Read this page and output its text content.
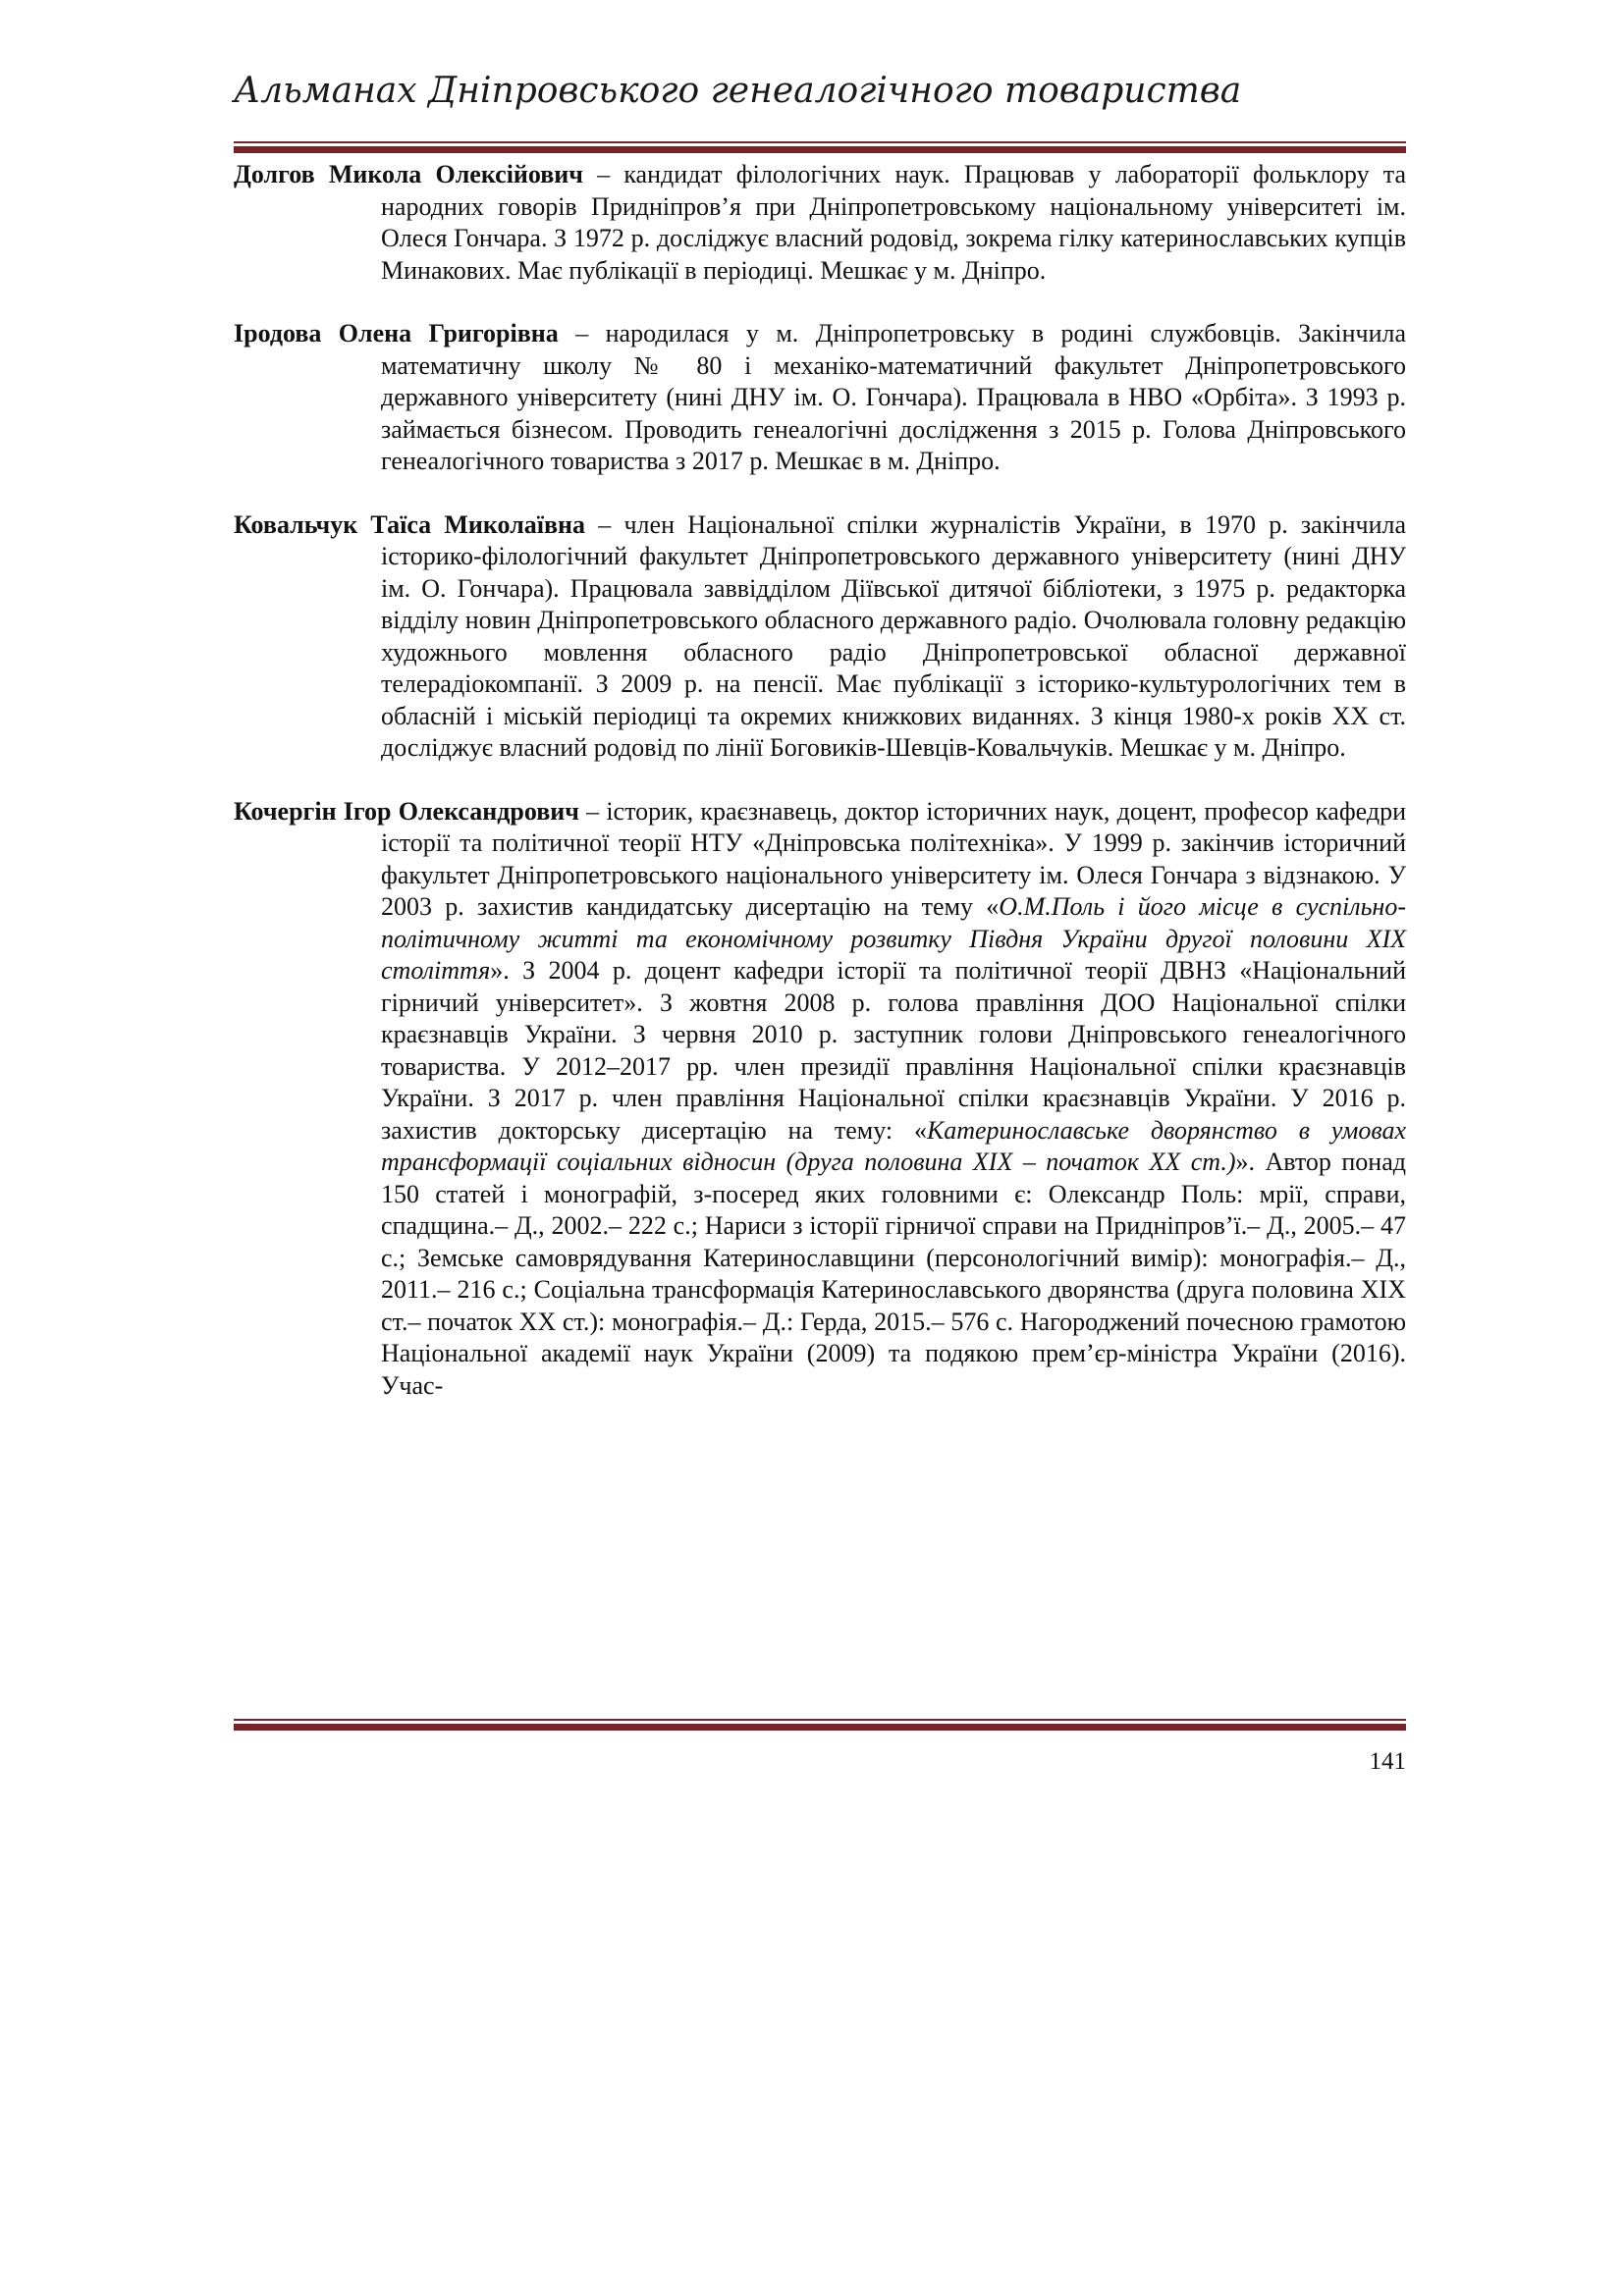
Альманах Дніпровського генеалогічного товариства

Долгов Микола Олексійович – кандидат філологічних наук. Працював у лабораторії фольклору та народних говорів Придніпров’я при Дніпропетровському національному університеті ім. Олеся Гончара. З 1972 р. досліджує власний родовід, зокрема гілку катеринославських купців Минакових. Має публікації в періодиці. Мешкає у м. Дніпро.

Іродова Олена Григорівна – народилася у м. Дніпропетровську в родині службовців. Закінчила математичну школу № 80 і механіко-математичний факультет Дніпропетровського державного університету (нині ДНУ ім. О. Гончара). Працювала в НВО «Орбіта». З 1993 р. займається бізнесом. Проводить генеалогічні дослідження з 2015 р. Голова Дніпровського генеалогічного товариства з 2017 р. Мешкає в м. Дніпро.

Ковальчук Таїса Миколаївна – член Національної спілки журналістів України, в 1970 р. закінчила історико-філологічний факультет Дніпропетровського державного університету (нині ДНУ ім. О. Гончара). Працювала заввідділом Діївської дитячої бібліотеки, з 1975 р. редакторка відділу новин Дніпропетровського обласного державного радіо. Очолювала головну редакцію художнього мовлення обласного радіо Дніпропетровської обласної державної телерадіокомпанії. З 2009 р. на пенсії. Має публікації з історико-культурологічних тем в обласній і міській періодиці та окремих книжкових виданнях. З кінця 1980-х років XX ст. досліджує власний родовід по лінії Боговиків-Шевців-Ковальчуків. Мешкає у м. Дніпро.

Кочергін Ігор Олександрович – історик, краєзнавець, доктор історичних наук, доцент, професор кафедри історії та політичної теорії НТУ «Дніпровська політехніка». У 1999 р. закінчив історичний факультет Дніпропетровського національного університету ім. Олеся Гончара з відзнакою. У 2003 р. захистив кандидатську дисертацію на тему «О.М.Поль і його місце в суспільно-політичному житті та економічному розвитку Півдня України другої половини XIX століття». З 2004 р. доцент кафедри історії та політичної теорії ДВНЗ «Національний гірничий університет». З жовтня 2008 р. голова правління ДОО Національної спілки краєзнавців України. З червня 2010 р. заступник голови Дніпровського генеалогічного товариства. У 2012–2017 рр. член президії правління Національної спілки краєзнавців України. З 2017 р. член правління Національної спілки краєзнавців України. У 2016 р. захистив докторську дисертацію на тему: «Катеринославське дворянство в умовах трансформації соціальних відносин (друга половина XIX – початок XX ст.)». Автор понад 150 статей і монографій, з-посеред яких головними є: Олександр Поль: мрії, справи, спадщина.– Д., 2002.– 222 с.; Нариси з історії гірничої справи на Придніпров’ї.– Д., 2005.– 47 с.; Земське самоврядування Катеринославщини (персонологічний вимір): монографія.– Д., 2011.– 216 с.; Соціальна трансформація Катеринославського дворянства (друга половина XIX ст.– початок XX ст.): монографія.– Д.: Герда, 2015.– 576 с. Нагороджений почесною грамотою Національної академії наук України (2009) та подякою прем’єр-міністра України (2016). Учас-

141
